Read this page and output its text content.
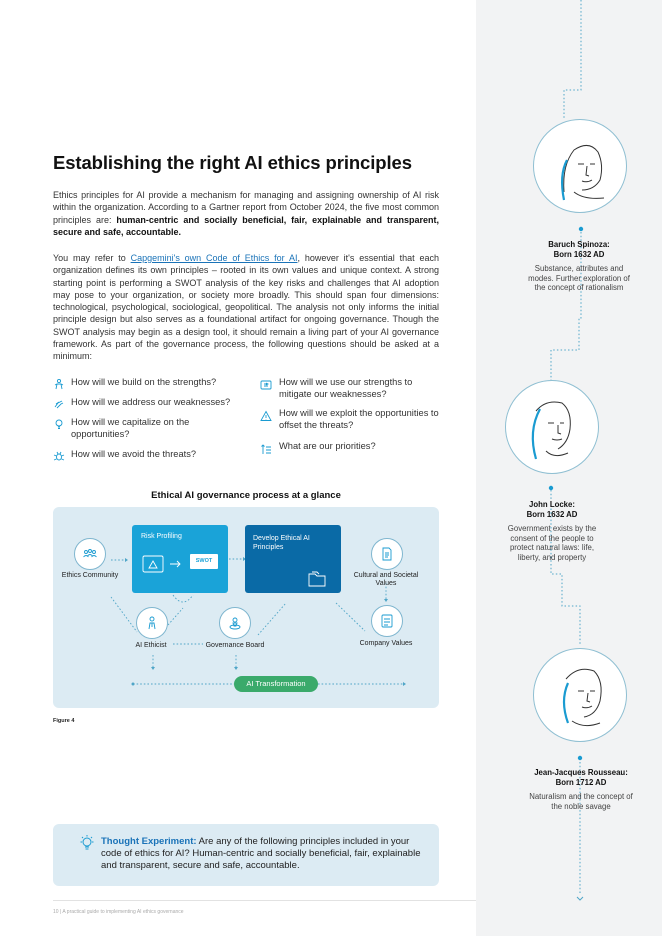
Establishing the right AI ethics principles

Ethics principles for AI provide a mechanism for managing and assigning ownership of AI risk within the organization. According to a Gartner report from October 2024, the five most common principles are: human-centric and socially beneficial, fair, explainable and transparent, secure and safe, accountable.

You may refer to Capgemini's own Code of Ethics for AI, however it's essential that each organization defines its own principles – rooted in its own values and unique context. A strong starting point is performing a SWOT analysis of the key risks and challenges that AI adoption may pose to your organization, or society more broadly. This should span four dimensions: technological, psychological, sociological, geopolitical. The analysis not only informs the initial principle design but also serves as a foundational artifact for ongoing governance. Though the SWOT analysis may begin as a design tool, it should remain a living part of your AI governance framework. As part of the governance process, the following questions should be asked at a minimum:

How will we build on the strengths?
How will we address our weaknesses?
How will we capitalize on the opportunities?
How will we avoid the threats?
How will we use our strengths to mitigate our weaknesses?
How will we exploit the opportunities to offset the threats?
What are our priorities?
Ethical AI governance process at a glance
Ethics Community
Risk Profiling
SWOT
Develop Ethical AI Principles
Cultural and Societal Values
AI Ethicist	Governance Board	Company Values
AI Transformation
Figure 4

Thought Experiment: Are any of the following principles included in your code of ethics for AI? Human-centric and socially beneficial, fair, explainable and transparent, secure and safe, accountable.

10 | A practical guide to implementing AI ethics governance
Baruch Spinoza:
Born 1632 AD
Substance, attributes and modes. Further exploration of the concept of rationalism
John Locke:
Born 1632 AD
Government exists by the consent of the people to protect natural laws: life, liberty, and property
Jean-Jacques Rousseau:
Born 1712 AD
Naturalism and the concept of the noble savage
